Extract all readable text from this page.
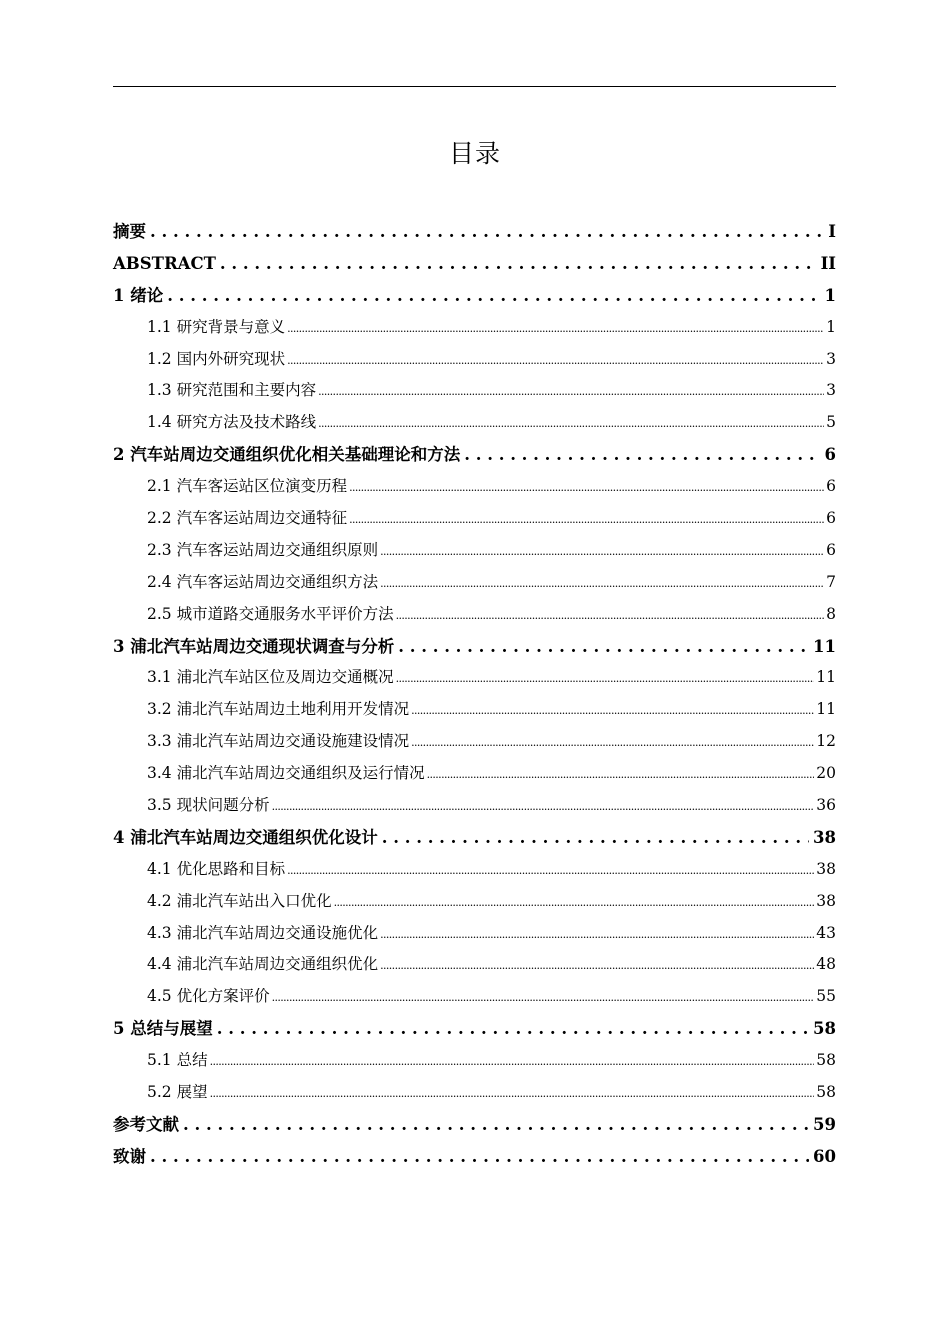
目录
摘要 . . .	I
ABSTRACT . . .	II
1 绪论 . . .	1
1.1 研究背景与意义 .....	1
1.2 国内外研究现状 .....	3
1.3 研究范围和主要内容 .....	3
1.4 研究方法及技术路线 .....	5
2 汽车站周边交通组织优化相关基础理论和方法 . . .	6
2.1 汽车客运站区位演变历程 .....	6
2.2 汽车客运站周边交通特征 .....	6
2.3 汽车客运站周边交通组织原则 .....	6
2.4 汽车客运站周边交通组织方法 .....	7
2.5 城市道路交通服务水平评价方法 .....	8
3 浦北汽车站周边交通现状调查与分析 . . .	11
3.1 浦北汽车站区位及周边交通概况 .....	11
3.2 浦北汽车站周边土地利用开发情况 .....	11
3.3 浦北汽车站周边交通设施建设情况 .....	12
3.4 浦北汽车站周边交通组织及运行情况 .....	20
3.5 现状问题分析 .....	36
4 浦北汽车站周边交通组织优化设计 . . .	38
4.1 优化思路和目标 .....	38
4.2 浦北汽车站出入口优化 .....	38
4.3 浦北汽车站周边交通设施优化 .....	43
4.4 浦北汽车站周边交通组织优化 .....	48
4.5 优化方案评价 .....	55
5 总结与展望 . . .	58
5.1 总结 .....	58
5.2 展望 .....	58
参考文献 . . .	59
致谢 . . .	60
